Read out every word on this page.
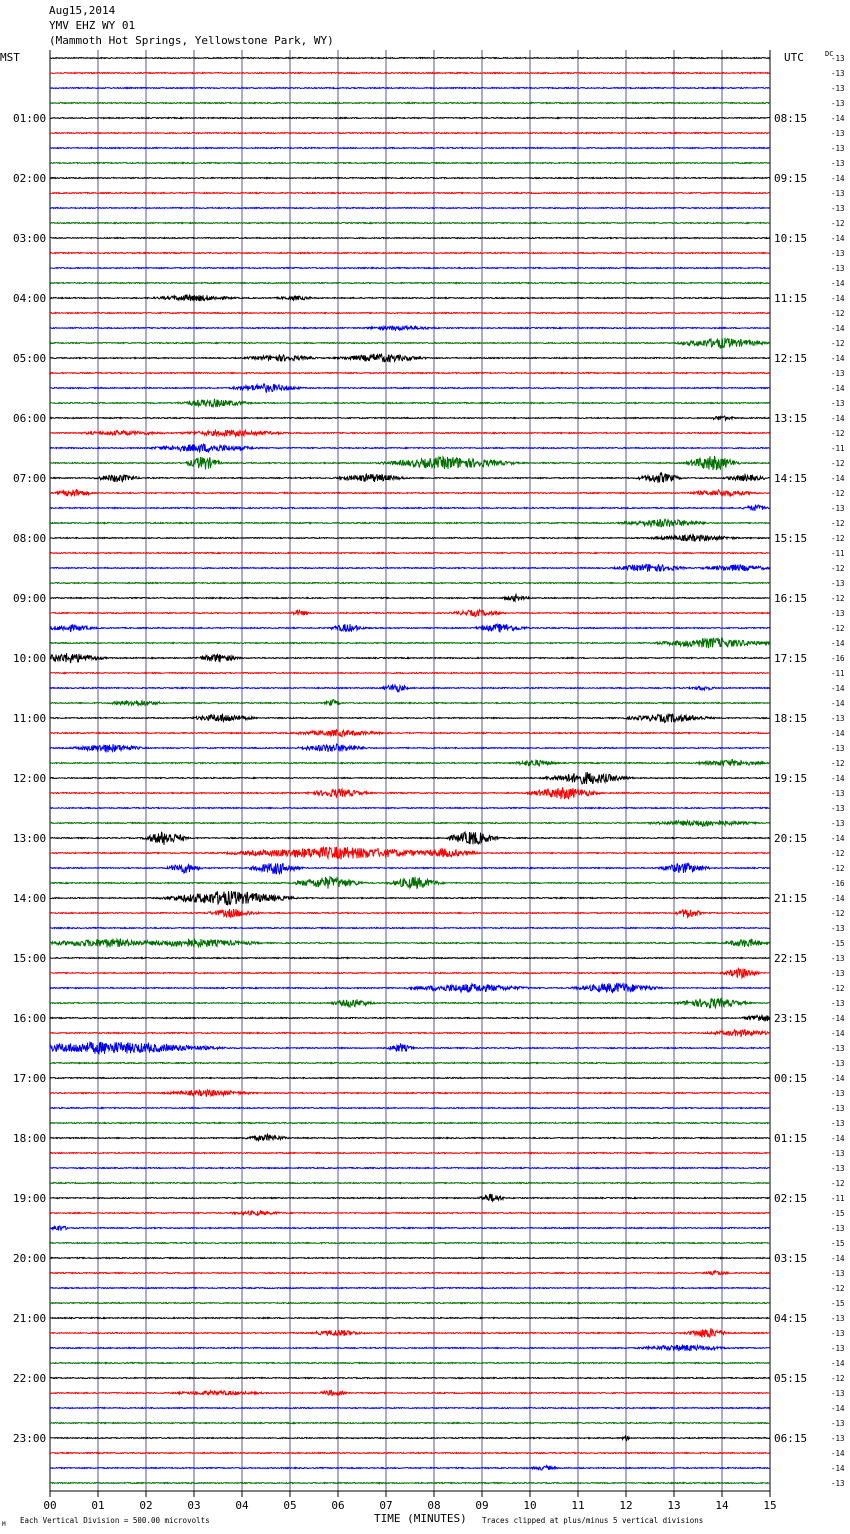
Aug15,2014
YMV EHZ WY 01
(Mammoth Hot Springs, Yellowstone Park, WY)
MST	UTC	DC
TIME (MINUTES)
Each Vertical Division = 500.00 microvolts	Traces clipped at plus/minus 5 vertical divisions
M
-13
-13
-13
-13
-14
-13
-13
-13
-14
-13
-13
-12
-14
-13
-13
-14
-14
-12
-14
-12
-14
-13
-14
-13
-14
-12
-11
-12
-14
-12
-13
-12
-12
-11
-12
-13
-12
-13
-12
-14
-16
-11
-14
-14
-13
-14
-13
-12
-14
-13
-13
-13
-14
-12
-12
-16
-14
-12
-13
-15
-13
-13
-12
-13
-14
-14
-13
-13
-14
-13
-13
-13
-14
-13
-13
-12
-11
-15
-13
-15
-14
-13
-12
-15
-13
-13
-13
-14
-12
-13
-14
-13
-13
-14
-14
-13
01:00	08:15
02:00	09:15
03:00	10:15
04:00	11:15
05:00	12:15
06:00	13:15
07:00	14:15
08:00	15:15
09:00	16:15
10:00	17:15
11:00	18:15
12:00	19:15
13:00	20:15
14:00	21:15
15:00	22:15
16:00	23:15
17:00	00:15
18:00	01:15
19:00	02:15
20:00	03:15
21:00	04:15
22:00	05:15
23:00	06:15
00	01	02	03	04	05	06	07	08	09	10	11	12	13	14	15
